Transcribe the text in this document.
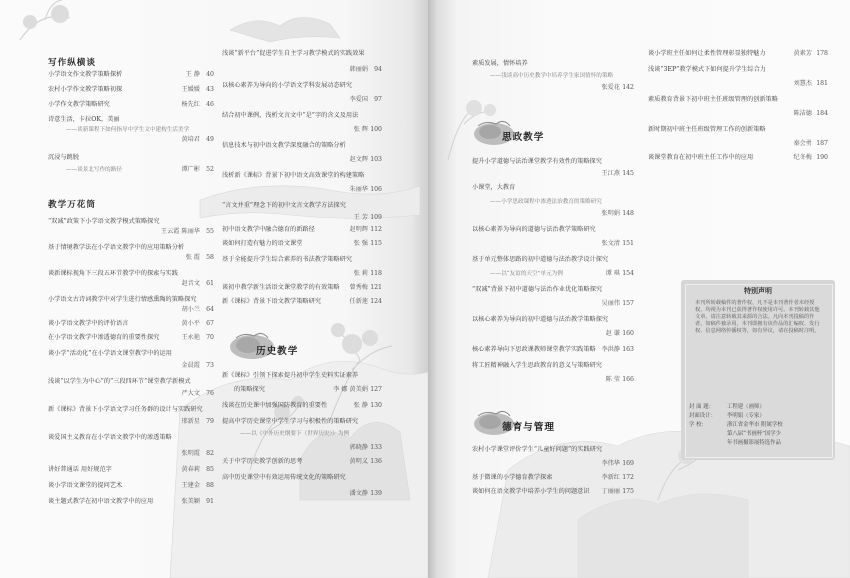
写作纵横谈
小学语文作文教学策略探析	王 静 40
农村小学作文教学策略初探	王媛媛 43
小学作文教学策略研究	杨先红 46
诗意生活，卡拉OK，美丽
——谈新课程下如何指导中学生文中建构生活美学
黄培君 49
沉浸与跳脱
——谈景北写作的路径	谭广彬 52
教学万花筒
“双减”政策下小学语文教学模式策略探究
王云霞 陈丽华 55
基于情境教学法在小学语文教学中的应用策略分析
张 霞 58
谈新课标视角下三段五环节教学中的探索与实践
赵音文 61
小学语文古诗词教学中对学生进行情感熏陶的策略探究
胡小兰 64
谈小学语文教学中的评价语言	黄小平 67
在小学语文教学中渗透德育的重要性探究	王永艳 70
谈小学“活动化”在小学语文课堂教学中的运用
金晨霞 73
浅谈“以学生为中心”的“三段四环节”课堂教学新模式
严大文 76
新《课标》背景下小学语文学习任务群的设计与实践研究
邢新星 79
谈爱国主义教育在小学语文教学中的渗透策略
张明霞 82
讲好普通话 用好规范字	黄春莉 85
谈小学语文课堂的提问艺术	王建金 88
谈主题式教学在初中语文教学中的应用	张美颖 91
浅谈“新平台”促进学生自主学习教学模式的实践效果
韩丽娟 94
以核心素养为导向的小学语文学科发展动态研究
李爱国 97
结合初中课例，浅析文言文中“是”字的含义及用法
张 辉 100
信息技术与初中语文教学深度融合的策略分析
赵文辉 103
浅析新《课标》背景下初中语文高效课堂的构建策略
朱丽华 106
“言文并重”理念下的初中文言文教学方法探究
王 芳 109
初中语文教学中融合德育的新路径	赵明辉 112
谈如何打造有魅力的语文课堂	张 强 115
基于全能提升学生综合素养的书法教学策略研究
张 莉 118
谈初中教学新生活语文课堂教学的有效策略 曾秀梅 121
新《课标》背景下语文教学策略研究	任新莲 124
历史教学
新《课标》引领下探索提升初中学生史料实证素养
的策略探究	李 娜 黄美娟 127
浅谈在历史课中加强国防教育的重要性	张 静 130
提高中学历史课堂中学生学习与积极性的策略研究
——以《中外历史纲要下（世界历史）》为例
郭晓静 133
关于中学历史教学创新的思考	黄明义 136
高中历史课堂中有效运用传统文化的策略研究
潘文静 139
素质发展，情怀培养
——浅谈高中历史教学中培养学生家国情怀的策略
张爱花 142
思政教学
提升小学道德与法治课堂教学有效性的策略探究
王江燕 145
小课堂，大教育
——小学思政课程中渗透法治教育的策略研究
张明娟 148
以核心素养为导向的道德与法治教学策略研究
张文清 151
基于单元整体思路的初中道德与法治教学设计探究
——以“友谊的天空”单元为例	谭 琪 154
“双减”背景下初中道德与法治作业优化策略探究
吴丽伟 157
以核心素养为导向的初中道德与法治教学策略探究
赵 谦 160
核心素养导向下思政课教师课堂教学实践策略 李洪静 163
将工匠精神融入学生思政教育的意义与策略研究
陈 莹 166
德育与管理
农村小学课堂评价学生“儿童好问题”的实践研究
李伟华 169
基于微课的小学德育教学探索	李新红 172
谈如何在语文教学中培养小学生的问题意识 丁丽丽 175
谈小学班主任如何让柔性管理彰显独特魅力	黄素芳 178
浅谈“3EP”教学模式下如何提升学生综合力
刘慧杰 181
素质教育背景下初中班主任班级管理的创新策略
陈洁德 184
新时期初中班主任班级管理工作的创新策略
秦会勇 187
谈课堂教育在初中班主任工作中的应用	纪冬梅 190
特别声明
本刊所转载稿件的著作权，凡不是本刊著作者未经授权，均视为本刊已获得著作权使用许可。本刊转载其他文章，请注意转载其来源的合法。凡向本刊投稿的作者，如稿件被录用，本刊即拥有该作品的汇编权、发行权、信息网络传播权等，如有异议，请在投稿时注明。
封 面 题： 工程建（画师）
封面设计： 李明娟（专家）
学 校：	浙江省金华市 附属学校
第八届“书画杯”国学少
年书画摄影展特选作品
